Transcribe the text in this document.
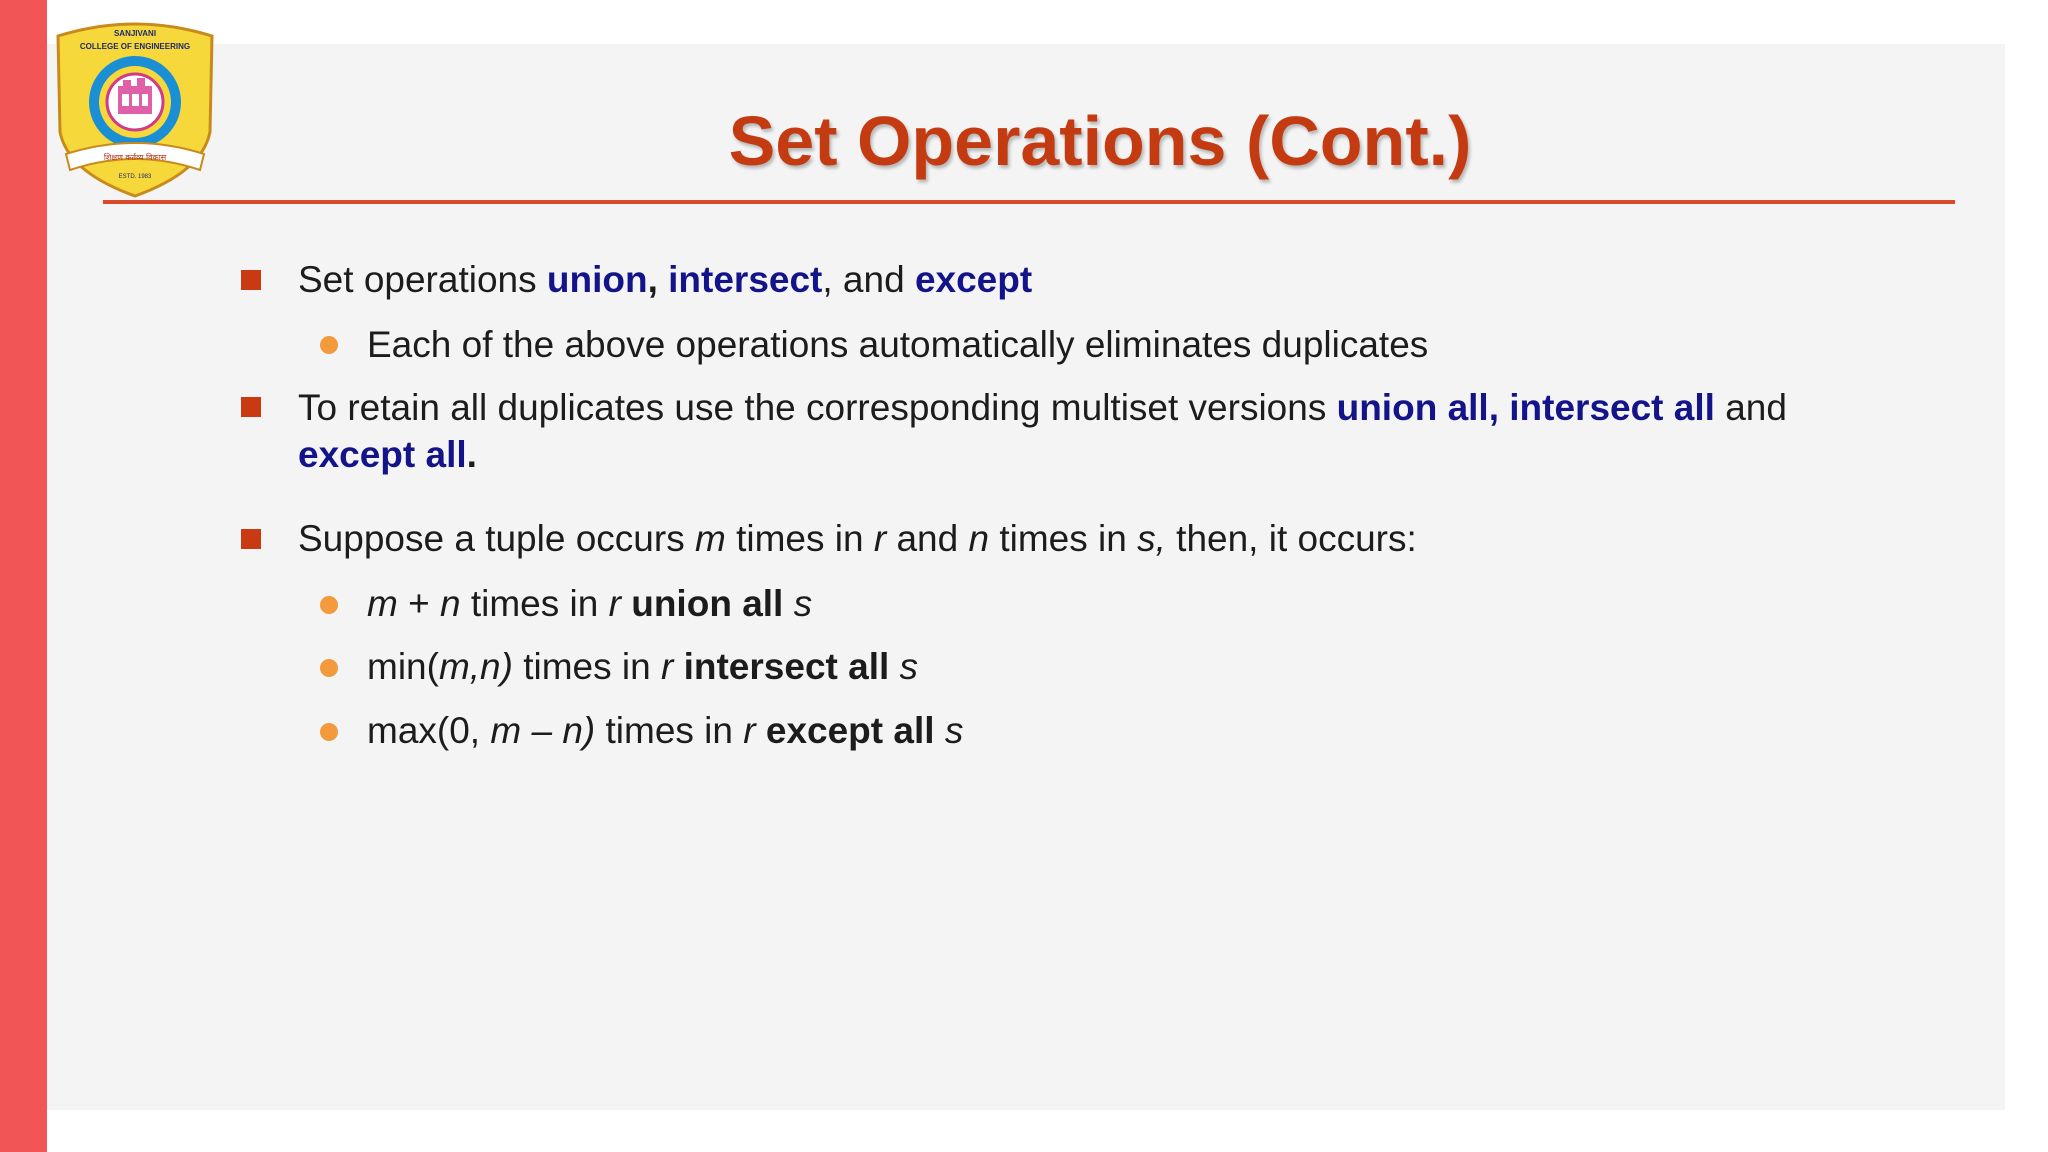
SANJIVANI
COLLEGE OF ENGINEERING
शिक्षण कर्तव्य विकास
ESTD. 1983	Set Operations (Cont.)
Set operations union, intersect, and except
Each of the above operations automatically eliminates duplicates
To retain all duplicates use the corresponding multiset versions union all, intersect all and
except all.
Suppose a tuple occurs m times in r and n times in s, then, it occurs:
m + n times in r union all s
min(m,n) times in r intersect all s
max(0, m – n) times in r except all s
